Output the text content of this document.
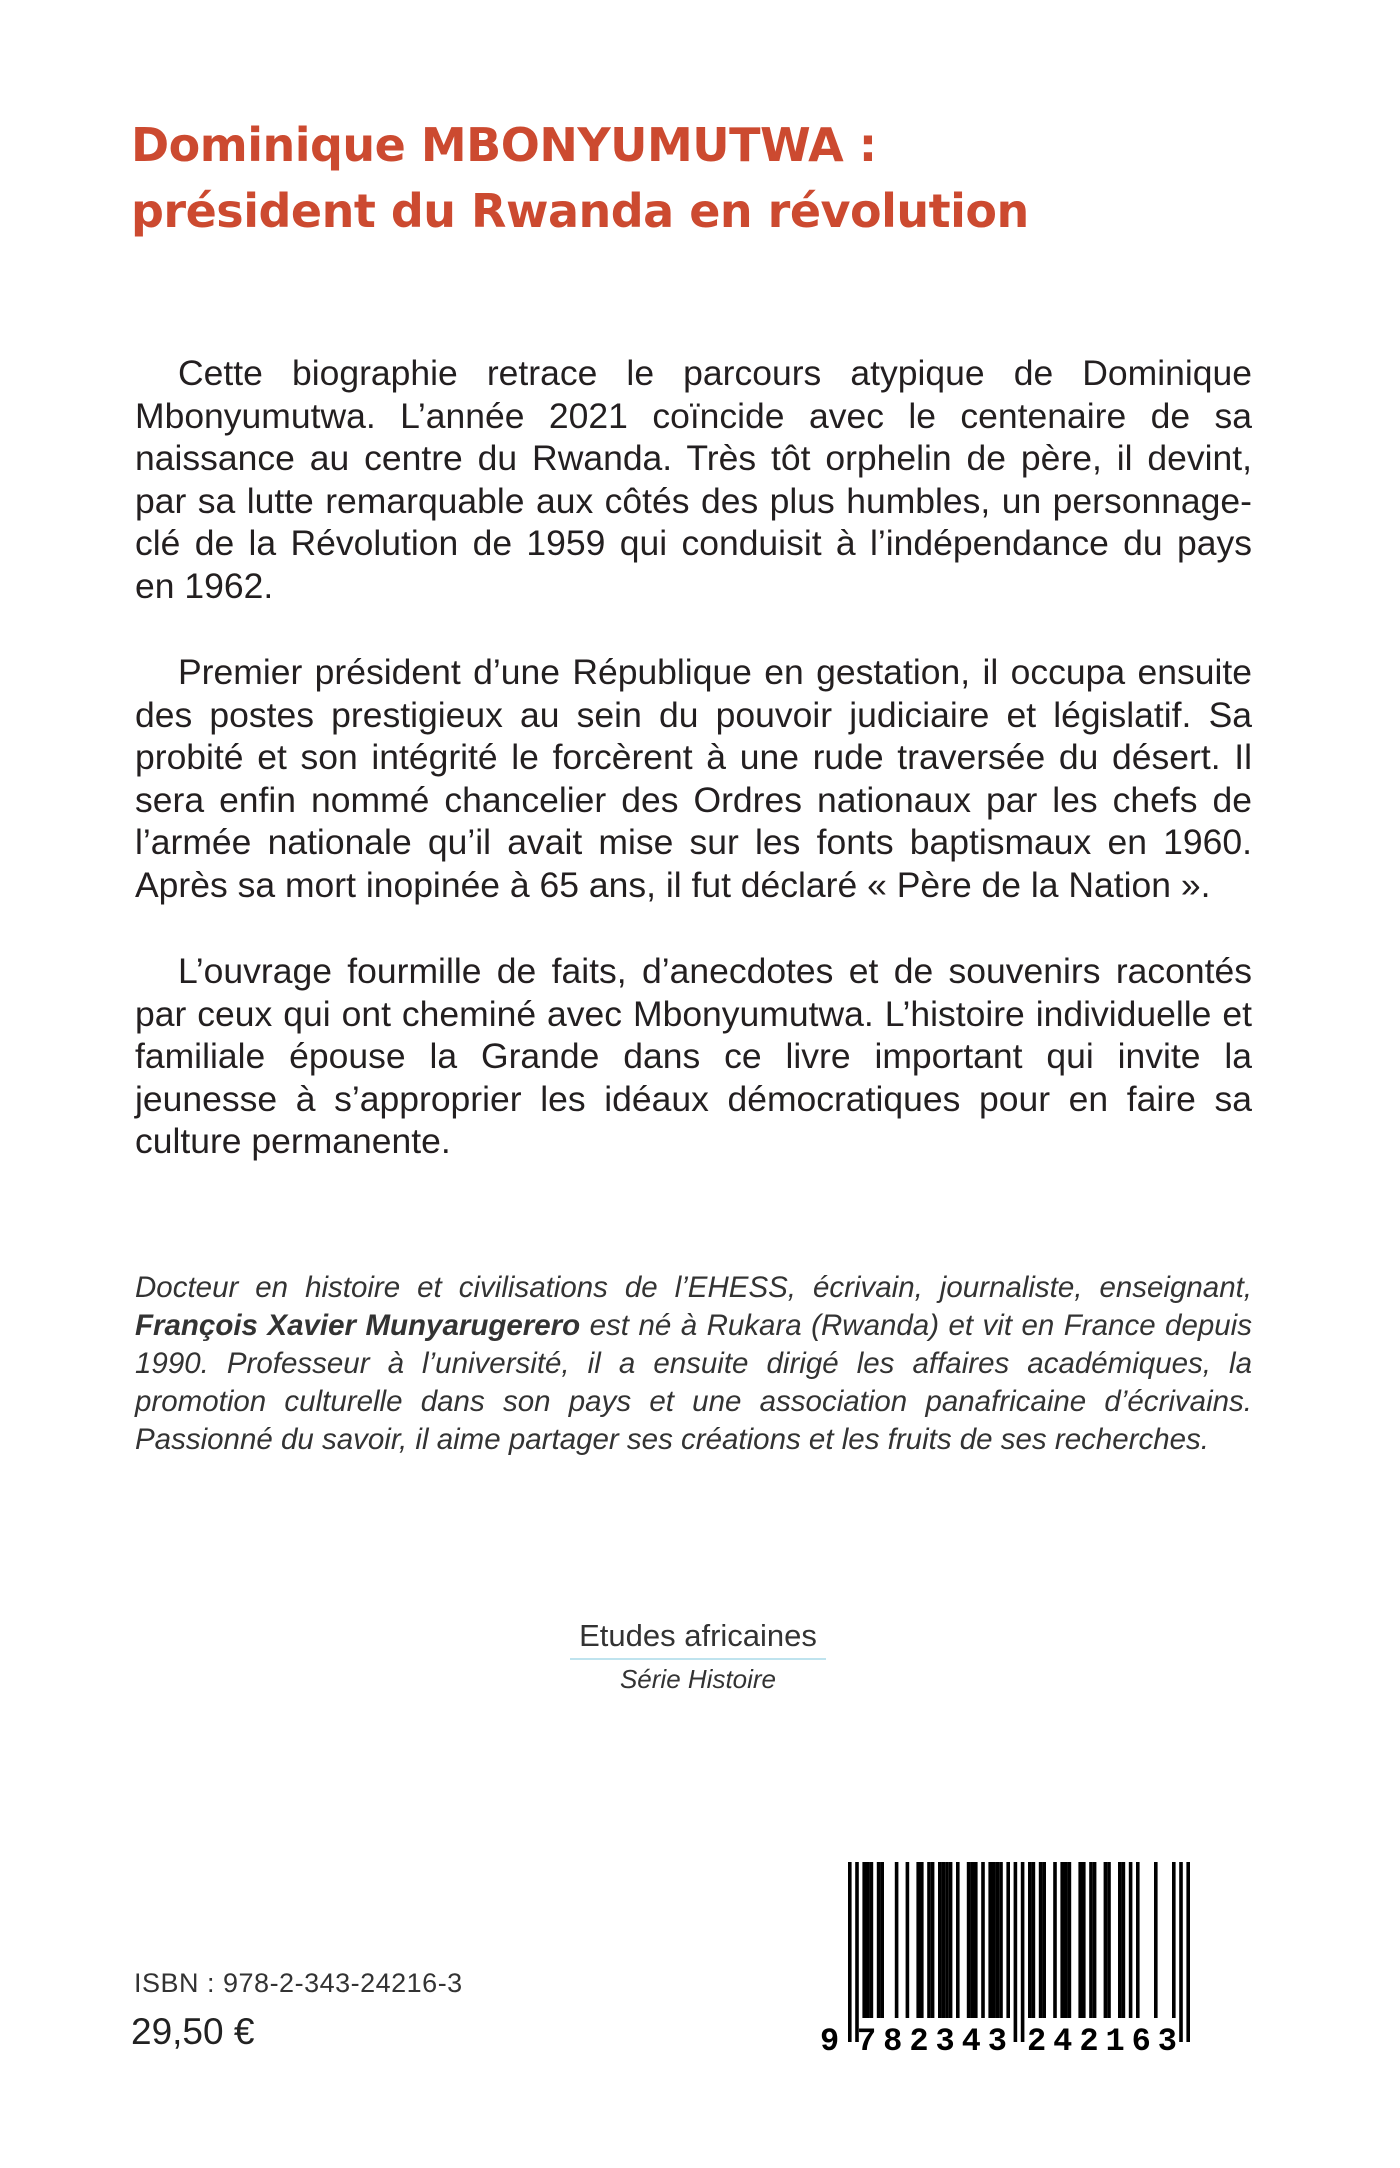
Dominique MBONYUMUTWA :
président du Rwanda en révolution

Cette biographie retrace le parcours atypique de Dominique Mbonyumutwa. L’année 2021 coïncide avec le centenaire de sa naissance au centre du Rwanda. Très tôt orphelin de père, il devint, par sa lutte remarquable aux côtés des plus humbles, un personnage-clé de la Révolution de 1959 qui conduisit à l’indépendance du pays en 1962.

Premier président d’une République en gestation, il occupa ensuite des postes prestigieux au sein du pouvoir judiciaire et législatif. Sa probité et son intégrité le forcèrent à une rude traversée du désert. Il sera enfin nommé chancelier des Ordres nationaux par les chefs de l’armée nationale qu’il avait mise sur les fonts baptismaux en 1960. Après sa mort inopinée à 65 ans, il fut déclaré « Père de la Nation ».

L’ouvrage fourmille de faits, d’anecdotes et de souvenirs racontés par ceux qui ont cheminé avec Mbonyumutwa. L’histoire individuelle et familiale épouse la Grande dans ce livre important qui invite la jeunesse à s’approprier les idéaux démocratiques pour en faire sa culture permanente.

Docteur en histoire et civilisations de l’EHESS, écrivain, journaliste, enseignant, François Xavier Munyarugerero est né à Rukara (Rwanda) et vit en France depuis 1990. Professeur à l’université, il a ensuite dirigé les affaires académiques, la promotion culturelle dans son pays et une association panafricaine d’écrivains. Passionné du savoir, il aime partager ses créations et les fruits de ses recherches.

Etudes africaines
Série Histoire
ISBN : 978-2-343-24216-3
29,50 €	9 782343 242163
